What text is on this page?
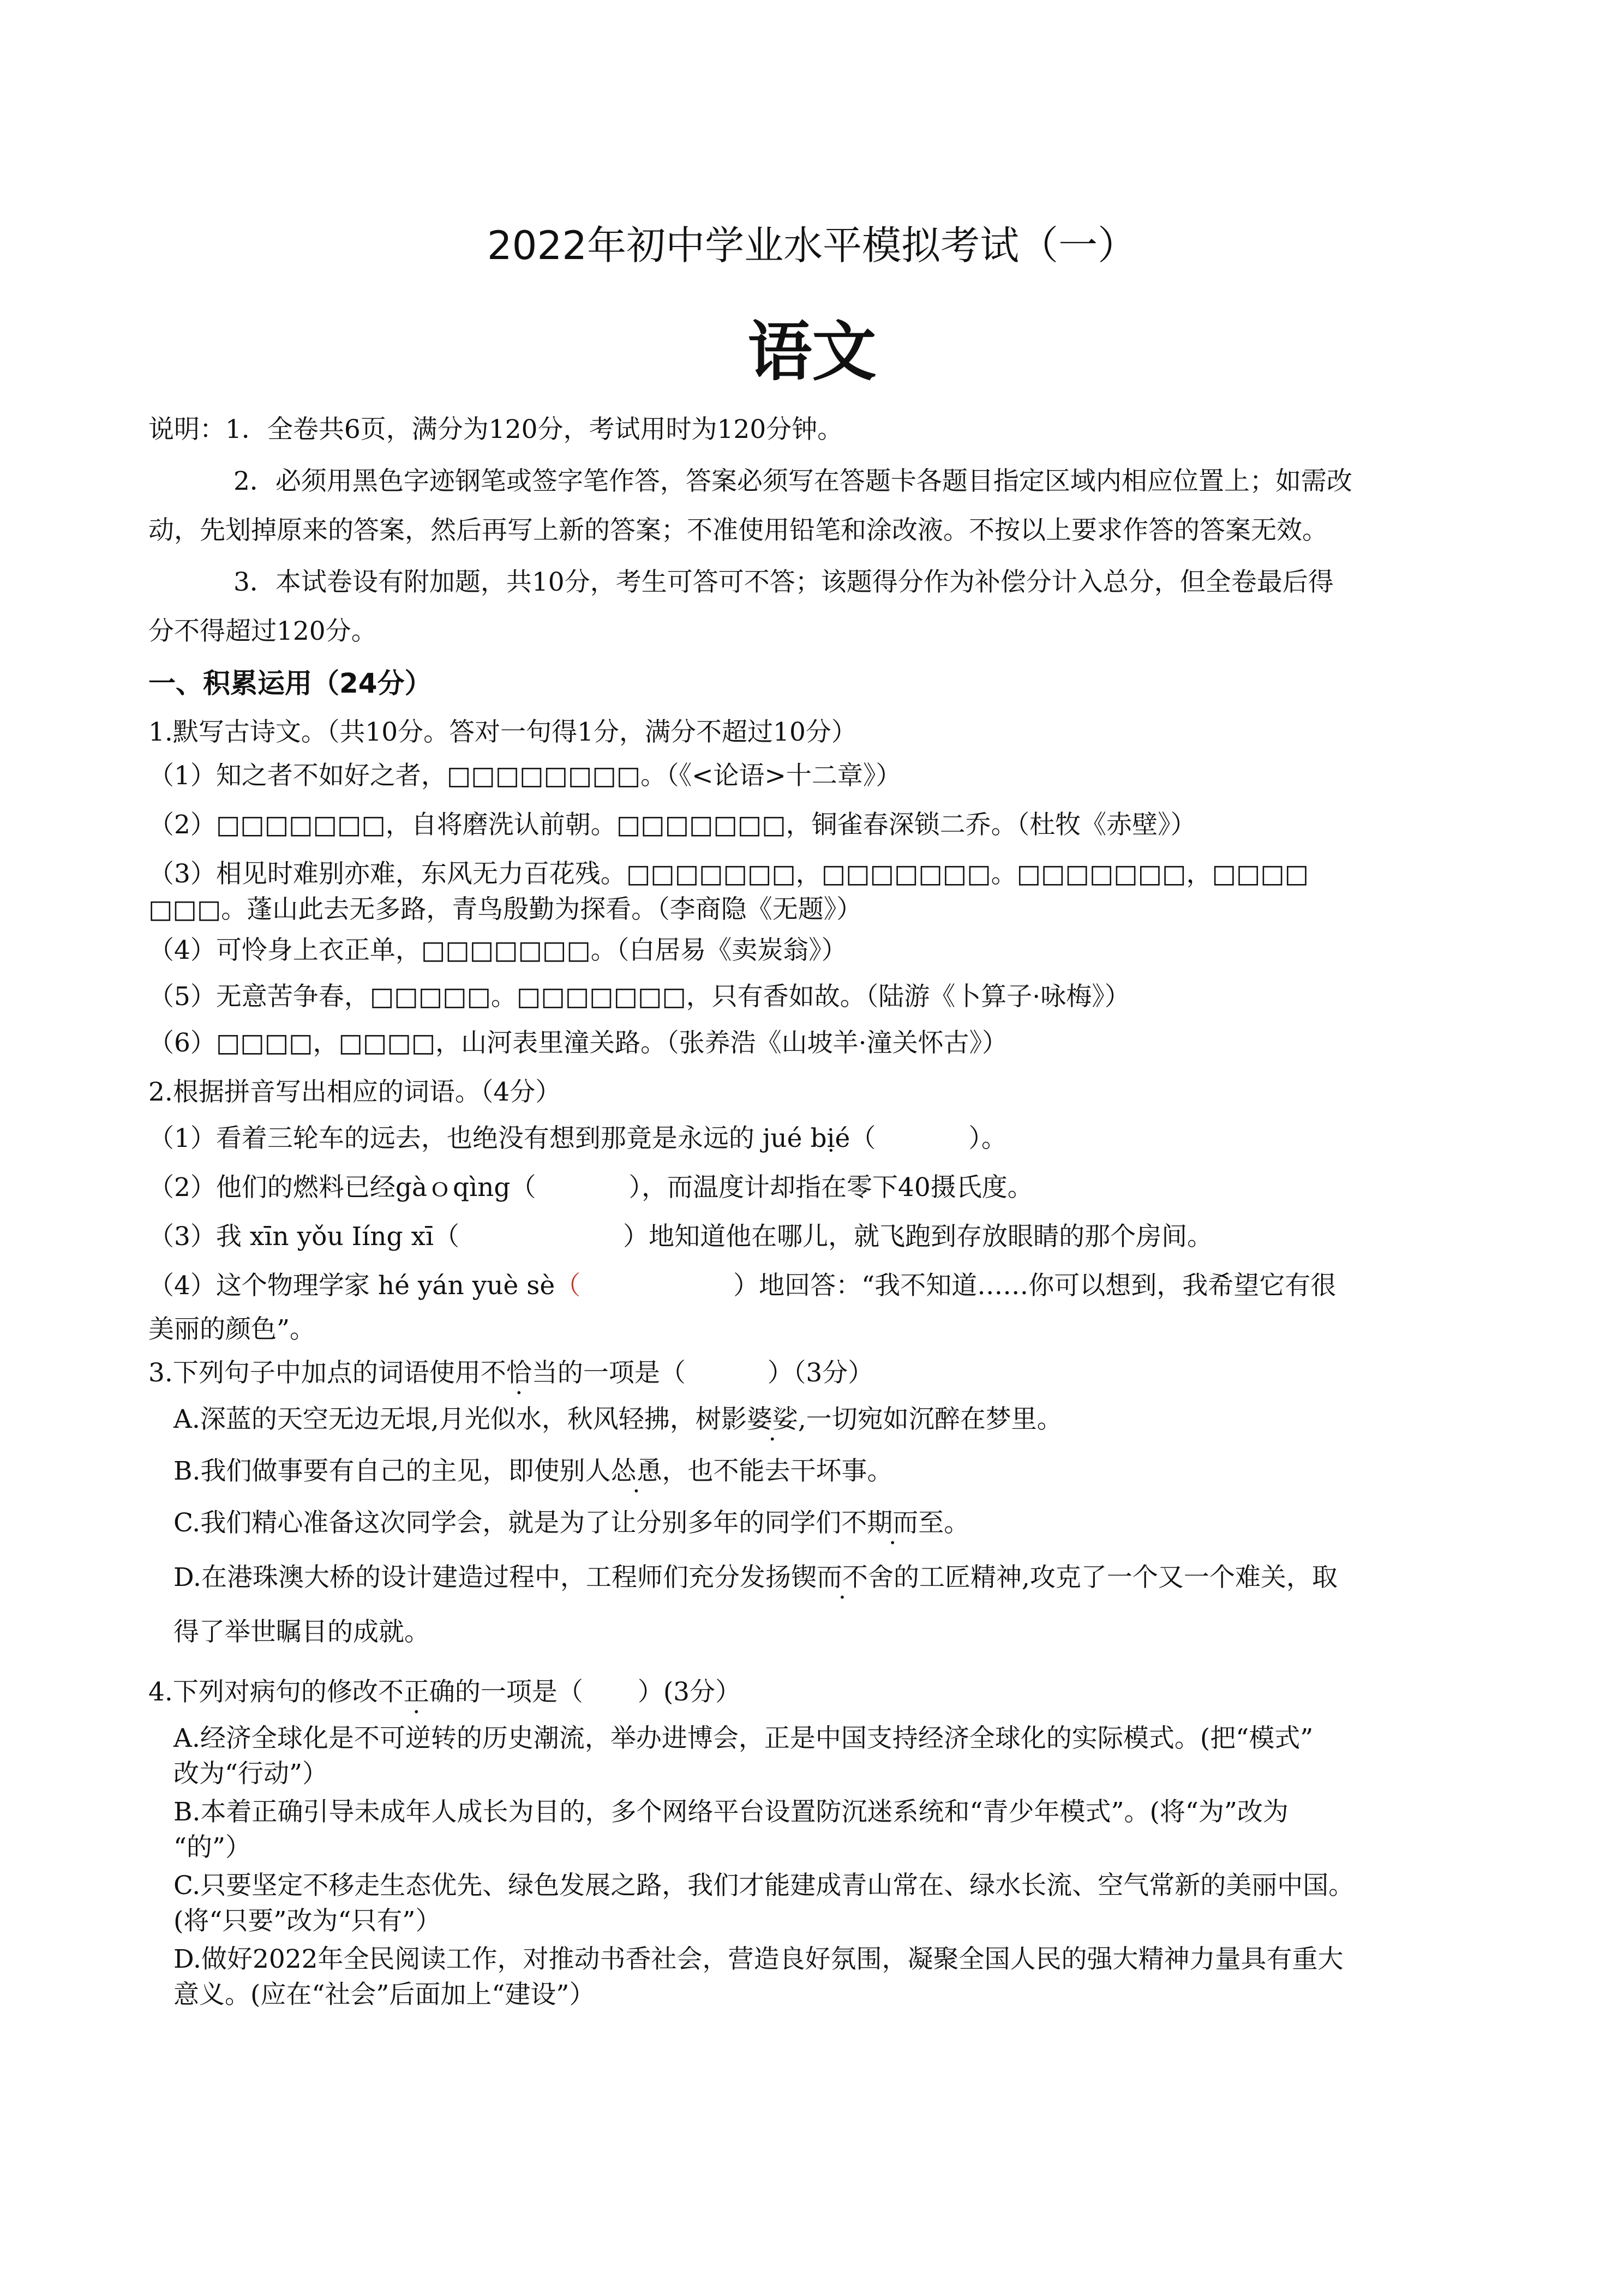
2022年初中学业水平模拟考试（一）
语文
说明：1．全卷共6页，满分为120分，考试用时为120分钟。
2．必须用黑色字迹钢笔或签字笔作答，答案必须写在答题卡各题目指定区域内相应位置上；如需改
动，先划掉原来的答案，然后再写上新的答案；不准使用铅笔和涂改液。不按以上要求作答的答案无效。
3．本试卷设有附加题，共10分，考生可答可不答；该题得分作为补偿分计入总分，但全卷最后得
分不得超过120分。
一、积累运用（24分）
1.默写古诗文。（共10分。答对一句得1分，满分不超过10分）
（1）知之者不如好之者，□□□□□□□□。（《<论语>十二章》）
（2）□□□□□□□，自将磨洗认前朝。□□□□□□□，铜雀春深锁二乔。（杜牧《赤壁》）
（3）相见时难别亦难，东风无力百花残。□□□□□□□，□□□□□□□。□□□□□□□，□□□□
□□□。蓬山此去无多路，青鸟殷勤为探看。（李商隐《无题》）
（4）可怜身上衣正单，□□□□□□□。（白居易《卖炭翁》）
（5）无意苦争春，□□□□□。□□□□□□□，只有香如故。（陆游《卜算子·咏梅》）
（6）□□□□，□□□□，山河表里潼关路。（张养浩《山坡羊·潼关怀古》）
2.根据拼音写出相应的词语。（4分）
（1）看着三轮车的远去，也绝没有想到那竟是永远的 jué bịé（	）。
（2）他们的燃料已经gàｏqìng（	），而温度计却指在零下40摄氏度。
（3）我 xīn yǒu Iíng xī（	）地知道他在哪儿，就飞跑到存放眼睛的那个房间。
（4）这个物理学家 hé yán yuè sè（	）地回答：“我不知道……你可以想到，我希望它有很
美丽的颜色”。
3.下列句子中加点的词语使用不恰当的一项是（	）（3分）
A.深蓝的天空无边无垠,月光似水，秋风轻拂，树影婆娑,一切宛如沉醉在梦里。
B.我们做事要有自己的主见，即使别人怂恿，也不能去干坏事。
C.我们精心准备这次同学会，就是为了让分别多年的同学们不期而至。
D.在港珠澳大桥的设计建造过程中，工程师们充分发扬锲而不舍的工匠精神,攻克了一个又一个难关，取
得了举世瞩目的成就。
4.下列对病句的修改不正确的一项是（ ）(3分）
A.经济全球化是不可逆转的历史潮流，举办进博会，正是中国支持经济全球化的实际模式。(把“模式”
改为“行动”）
B.本着正确引导未成年人成长为目的，多个网络平台设置防沉迷系统和“青少年模式”。(将“为”改为
“的”）
C.只要坚定不移走生态优先、绿色发展之路，我们才能建成青山常在、绿水长流、空气常新的美丽中国。
(将“只要”改为“只有”）
D.做好2022年全民阅读工作，对推动书香社会，营造良好氛围，凝聚全国人民的强大精神力量具有重大
意义。(应在“社会”后面加上“建设”）
